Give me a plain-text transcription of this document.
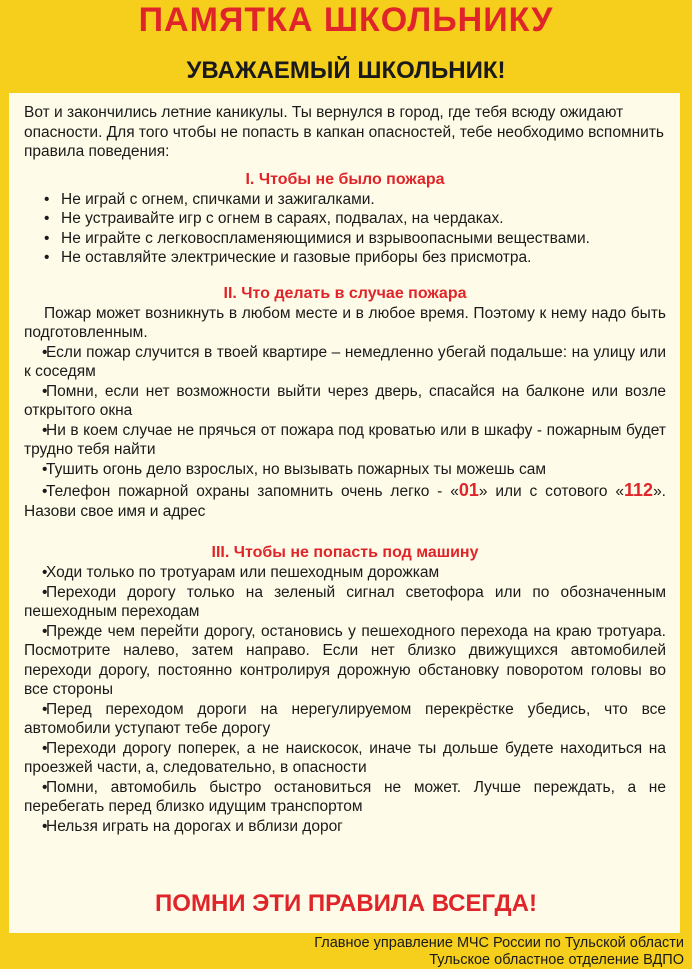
ПАМЯТКА ШКОЛЬНИКУ
УВАЖАЕМЫЙ ШКОЛЬНИК!

Вот и закончились летние каникулы. Ты вернулся в город, где тебя всюду ожидают опасности. Для того чтобы не попасть в капкан опасностей, тебе необходимо вспомнить правила поведения:

I. Чтобы не было пожара

• Не играй с огнем, спичками и зажигалками.
• Не устраивайте игр с огнем в сараях, подвалах, на чердаках.
• Не играйте с легковоспламеняющимися и взрывоопасными веществами.
• Не оставляйте электрические и газовые приборы без присмотра.

II. Что делать в случае пожара

Пожар может возникнуть в любом месте и в любое время. Поэтому к нему надо быть подготовленным.

•Если пожар случится в твоей квартире – немедленно убегай подальше: на улицу или к соседям

•Помни, если нет возможности выйти через дверь, спасайся на балконе или возле открытого окна

•Ни в коем случае не прячься от пожара под кроватью или в шкафу - пожарным будет трудно тебя найти

•Тушить огонь дело взрослых, но вызывать пожарных ты можешь сам

•Телефон пожарной охраны запомнить очень легко - «01» или с сотового «112». Назови свое имя и адрес

III. Чтобы не попасть под машину

•Ходи только по тротуарам или пешеходным дорожкам

•Переходи дорогу только на зеленый сигнал светофора или по обозначенным пешеходным переходам

•Прежде чем перейти дорогу, остановись у пешеходного перехода на краю тротуара. Посмотрите налево, затем направо. Если нет близко движущихся автомобилей переходи дорогу, постоянно контролируя дорожную обстановку поворотом головы во все стороны

•Перед переходом дороги на нерегулируемом перекрёстке убедись, что все автомобили уступают тебе дорогу

•Переходи дорогу поперек, а не наискосок, иначе ты дольше будете находиться на проезжей части, а, следовательно, в опасности

•Помни, автомобиль быстро остановиться не может. Лучше переждать, а не перебегать перед близко идущим транспортом

•Нельзя играть на дорогах и вблизи дорог

ПОМНИ ЭТИ ПРАВИЛА ВСЕГДА!
Главное управление МЧС России по Тульской области
Тульское областное отделение ВДПО
